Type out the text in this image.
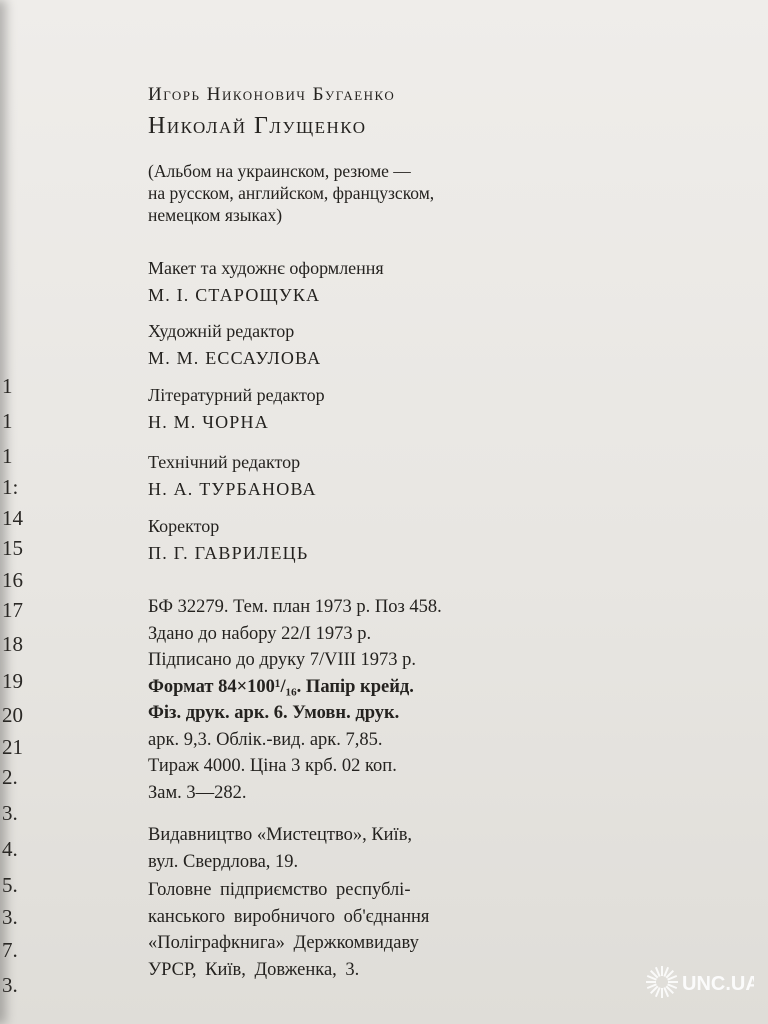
1
1
1
1:
14
15
16
17
18
19
20
21
2.
3.
4.
5.
3.
7.
3.
Игорь Никонович Бугаенко
Николай Глущенко
(Альбом на украинском, резюме —
на русском, английском, французском,
немецком языках)
Макет та художнє оформлення
М. І. СТАРОЩУКА
Художній редактор
М. М. ЕССАУЛОВА
Літературний редактор
Н. М. ЧОРНА
Технічний редактор
Н. А. ТУРБАНОВА
Коректор
П. Г. ГАВРИЛЕЦЬ
БФ 32279. Тем. план 1973 р. Поз 458.
Здано до набору 22/І 1973 р.
Підписано до друку 7/VIII 1973 р.
Формат 84×100¹/₁₆. Папір крейд.
Фіз. друк. арк. 6. Умовн. друк.
арк. 9,3. Облік.-вид. арк. 7,85.
Тираж 4000. Ціна 3 крб. 02 коп.
Зам. 3—282.
Видавництво «Мистецтво», Київ,
вул. Свердлова, 19.
Головне підприємство республі-
канського виробничого об'єднання
«Поліграфкнига» Держкомвидаву
УРСР, Київ, Довженка, 3.
UNC.UA
